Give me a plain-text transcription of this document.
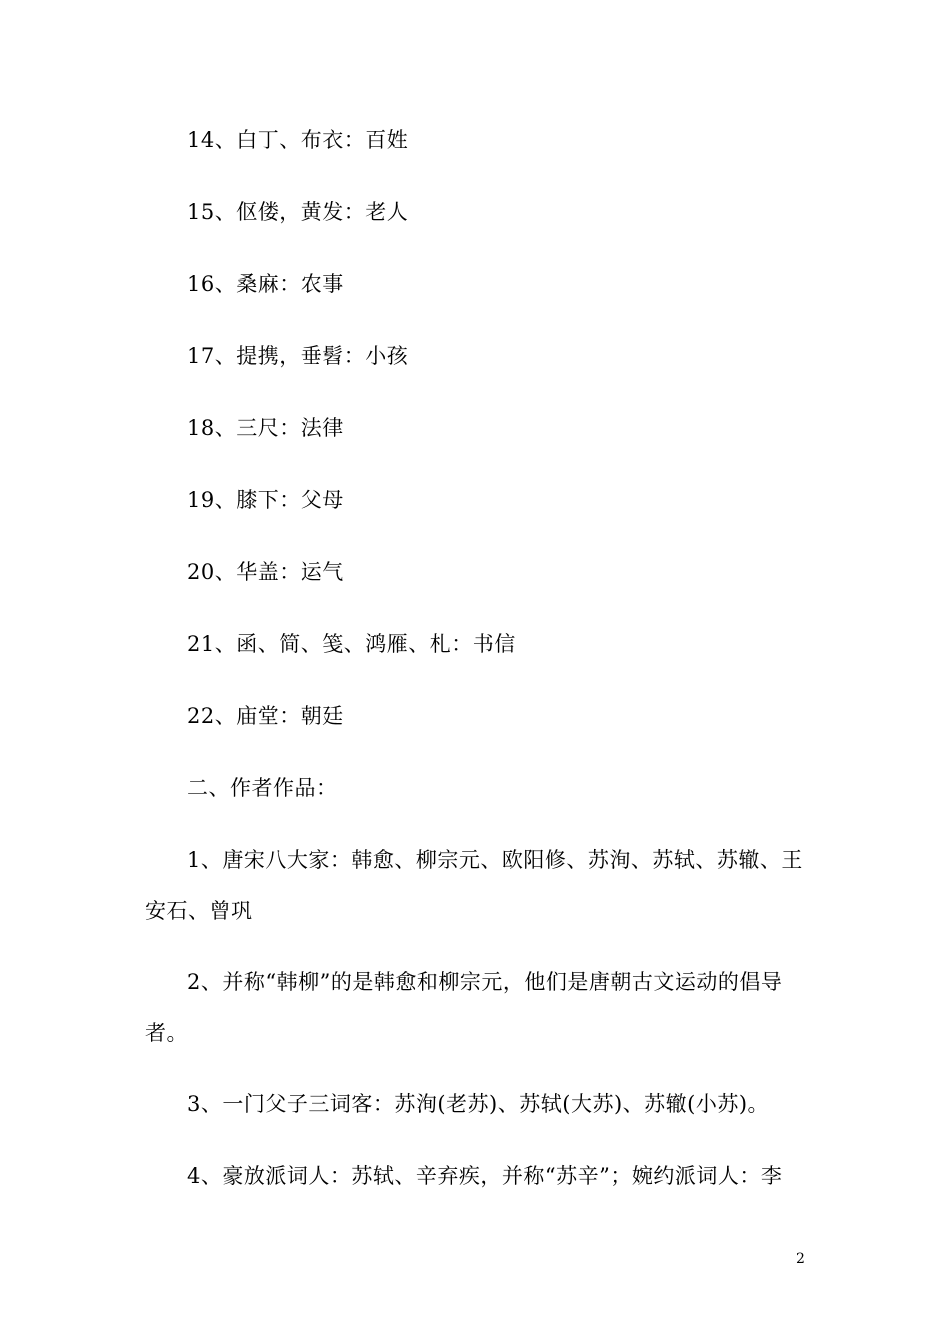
14、白丁、布衣：百姓
15、伛偻，黄发：老人
16、桑麻：农事
17、提携，垂髫：小孩
18、三尺：法律
19、膝下：父母
20、华盖：运气
21、函、简、笺、鸿雁、札：书信
22、庙堂：朝廷
二、作者作品：
1、唐宋八大家：韩愈、柳宗元、欧阳修、苏洵、苏轼、苏辙、王
安石、曾巩
2、并称“韩柳”的是韩愈和柳宗元，他们是唐朝古文运动的倡导
者。
3、一门父子三词客：苏洵(老苏)、苏轼(大苏)、苏辙(小苏)。
4、豪放派词人：苏轼、辛弃疾，并称“苏辛”；婉约派词人：李
2
